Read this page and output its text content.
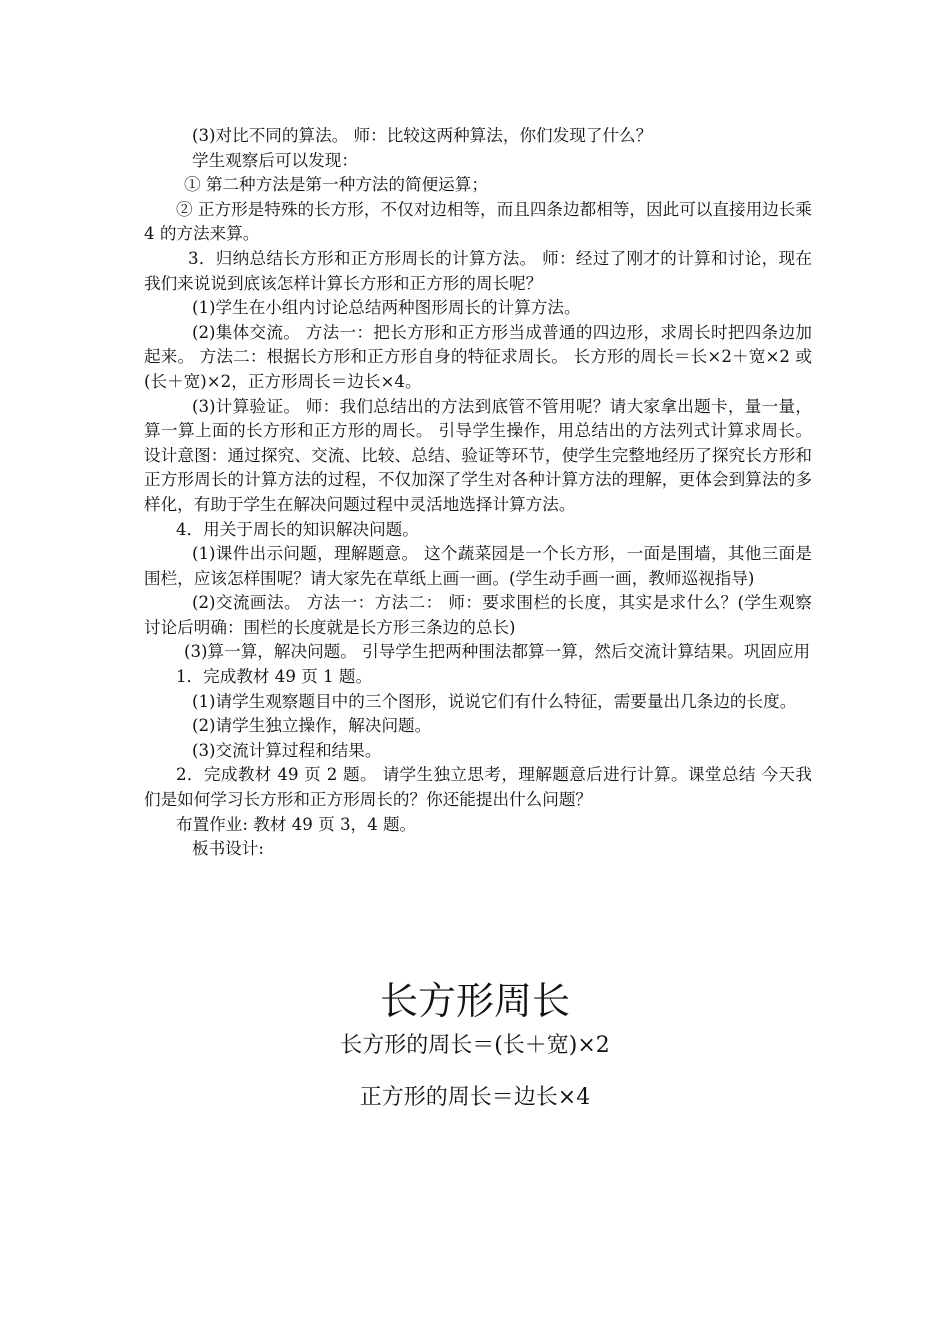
(3)对比不同的算法。 师：比较这两种算法，你们发现了什么？

学生观察后可以发现：

① 第二种方法是第一种方法的简便运算；

② 正方形是特殊的长方形，不仅对边相等，而且四条边都相等，因此可以直接用边长乘 4 的方法来算。

3．归纳总结长方形和正方形周长的计算方法。 师：经过了刚才的计算和讨论，现在我们来说说到底该怎样计算长方形和正方形的周长呢？

(1)学生在小组内讨论总结两种图形周长的计算方法。

(2)集体交流。 方法一：把长方形和正方形当成普通的四边形，求周长时把四条边加起来。 方法二：根据长方形和正方形自身的特征求周长。 长方形的周长＝长×2＋宽×2 或(长＋宽)×2，正方形周长＝边长×4。

(3)计算验证。 师：我们总结出的方法到底管不管用呢？请大家拿出题卡，量一量，算一算上面的长方形和正方形的周长。 引导学生操作，用总结出的方法列式计算求周长。 设计意图：通过探究、交流、比较、总结、验证等环节，使学生完整地经历了探究长方形和正方形周长的计算方法的过程，不仅加深了学生对各种计算方法的理解，更体会到算法的多样化，有助于学生在解决问题过程中灵活地选择计算方法。

4．用关于周长的知识解决问题。

(1)课件出示问题，理解题意。 这个蔬菜园是一个长方形，一面是围墙，其他三面是围栏，应该怎样围呢？请大家先在草纸上画一画。(学生动手画一画，教师巡视指导)

(2)交流画法。 方法一：方法二： 师：要求围栏的长度，其实是求什么？(学生观察讨论后明确：围栏的长度就是长方形三条边的总长)

(3)算一算，解决问题。 引导学生把两种围法都算一算，然后交流计算结果。巩固应用

1．完成教材 49 页 1 题。

(1)请学生观察题目中的三个图形，说说它们有什么特征，需要量出几条边的长度。

(2)请学生独立操作，解决问题。

(3)交流计算过程和结果。

2．完成教材 49 页 2 题。 请学生独立思考，理解题意后进行计算。课堂总结 今天我们是如何学习长方形和正方形周长的？你还能提出什么问题？

布置作业: 教材 49 页 3，4 题。

板书设计:

长方形周长
长方形的周长＝(长＋宽)×2
正方形的周长＝边长×4
